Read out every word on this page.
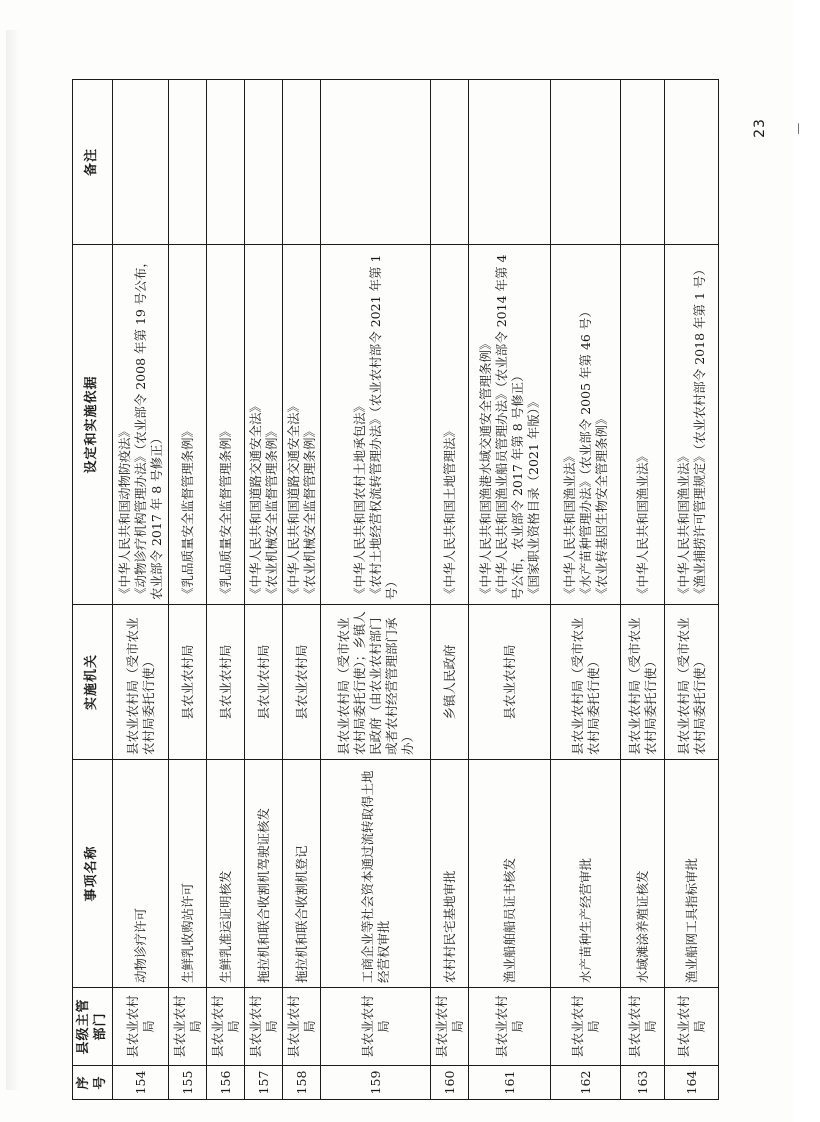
序号	县级主管部门	事项名称	实施机关	设定和实施依据	备注
154	县农业农村局	动物诊疗许可	县农业农村局（受市农业农村局委托行使）	《中华人民共和国动物防疫法》 《动物诊疗机构管理办法》（农业部令 2008 年第 19 号公布，农业部令 2017 年 8 号修正）	

155	县农业农村局	生鲜乳收购站许可	县农业农村局	《乳品质量安全监督管理条例》	

156	县农业农村局	生鲜乳准运证明核发	县农业农村局	《乳品质量安全监督管理条例》	

157	县农业农村局	拖拉机和联合收割机驾驶证核发	县农业农村局	《中华人民共和国道路交通安全法》 《农业机械安全监督管理条例》	

158	县农业农村局	拖拉机和联合收割机登记	县农业农村局	《中华人民共和国道路交通安全法》 《农业机械安全监督管理条例》	

159	县农业农村局	工商企业等社会资本通过流转取得土地经营权审批	县农业农村局（受市农业农村局委托行使）；乡镇人民政府（由农业农村部门或者农村经营管理部门承办）	《中华人民共和国农村土地承包法》 《农村土地经营权流转管理办法》（农业农村部令 2021 年第 1 号）	

160	县农业农村局	农村村民宅基地审批	乡镇人民政府	《中华人民共和国土地管理法》	

161	县农业农村局	渔业船舶船员证书核发	县农业农村局	《中华人民共和国渔港水域交通安全管理条例》 《中华人民共和国渔业船员管理办法》（农业部令 2014 年第 4 号公布，农业部令 2017 年第 8 号修正） 《国家职业资格目录（2021 年版）》	

162	县农业农村局	水产苗种生产经营审批	县农业农村局（受市农业农村局委托行使）	《中华人民共和国渔业法》 《水产苗种管理办法》（农业部令 2005 年第 46 号） 《农业转基因生物安全管理条例》	

163	县农业农村局	水域滩涂养殖证核发	县农业农村局（受市农业农村局委托行使）	《中华人民共和国渔业法》	

164	县农业农村局	渔业船网工具指标审批	县农业农村局（受市农业农村局委托行使）	《中华人民共和国渔业法》 《渔业捕捞许可管理规定》（农业农村部令 2018 年第 1 号）	

－ 23 －
